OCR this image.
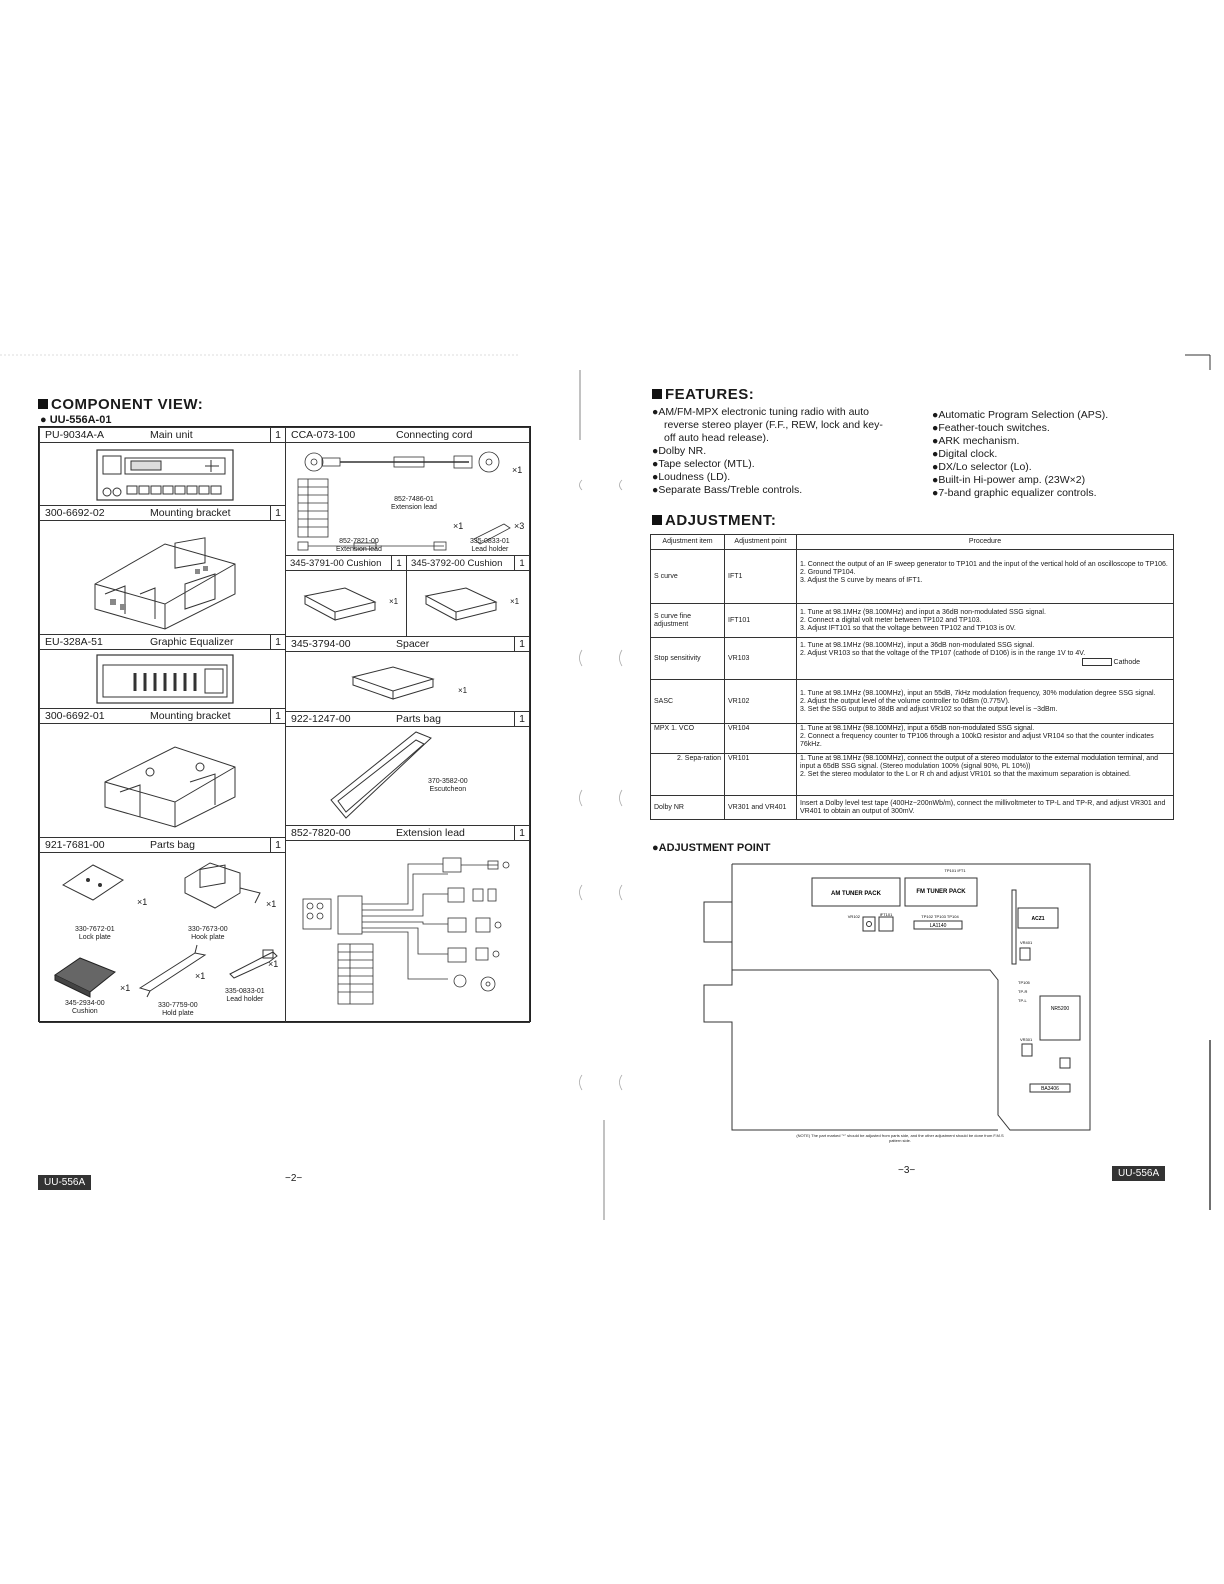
COMPONENT VIEW:
● UU-556A-01
PU-9034A-A	Main unit	1
300-6692-02	Mounting bracket	1
EU-328A-51	Graphic Equalizer	1
300-6692-01	Mounting bracket	1
921-7681-00	Parts bag	1
×1
330-7672-01
Lock plate
×1
330-7673-00
Hook plate
×1
345-2934-00
Cushion
×1
330-7759-00
Hold plate
×1
335-0833-01
Lead holder
CCA-073-100	Connecting cord
×1
852-7486-01
Extension lead
×1	×3
852-7821-00
Extension lead
335-0833-01
Lead holder
345-3791-00 Cushion	1
×1
345-3792-00 Cushion	1
×1
345-3794-00	Spacer	1
×1
922-1247-00	Parts bag	1
370-3582-00
Escutcheon
852-7820-00	Extension lead	1
UU-556A	−2−
FEATURES:
●AM/FM-MPX electronic tuning radio with auto
reverse stereo player (F.F., REW, lock and key-
off auto head release).
●Dolby NR.
●Tape selector (MTL).
●Loudness (LD).
●Separate Bass/Treble controls.
●Automatic Program Selection (APS).
●Feather-touch switches.
●ARK mechanism.
●Digital clock.
●DX/Lo selector (Lo).
●Built-in Hi-power amp. (23W×2)
●7-band graphic equalizer controls.
ADJUSTMENT:
Adjustment item	Adjustment point	Procedure
S curve	IFT1	1. Connect the output of an IF sweep generator to TP101 and the input of the vertical hold of an oscilloscope to TP106.
2. Ground TP104.
3. Adjust the S curve by means of IFT1.

S curve fine adjustment	IFT101	1. Tune at 98.1MHz (98.100MHz) and input a 36dB non-modulated SSG signal.
2. Connect a digital volt meter between TP102 and TP103.
3. Adjust IFT101 so that the voltage between TP102 and TP103 is 0V.
Stop sensitivity	VR103	1. Tune at 98.1MHz (98.100MHz), input a 36dB non-modulated SSG signal.
2. Adjust VR103 so that the voltage of the TP107 (cathode of D106) is in the range 1V to 4V.

Cathode

SASC	VR102	1. Tune at 98.1MHz (98.100MHz), input an 55dB, 7kHz modulation frequency, 30% modulation degree SSG signal.
2. Adjust the output level of the volume controller to 0dBm (0.775V).
3. Set the SSG output to 38dB and adjust VR102 so that the output level is −3dBm.
MPX 1. VCO	VR104	1. Tune at 98.1MHz (98.100MHz), input a 65dB non-modulated SSG signal.
2. Connect a frequency counter to TP106 through a 100kΩ resistor and adjust VR104 so that the counter indicates 76kHz.
2. Sepa-ration	VR101	1. Tune at 98.1MHz (98.100MHz), connect the output of a stereo modulator to the external modulation terminal, and input a 65dB SSG signal. (Stereo modulation 100% (signal 90%, PL 10%))
2. Set the stereo modulator to the L or R ch and adjust VR101 so that the maximum separation is obtained.
Dolby NR	VR301 and VR401	Insert a Dolby level test tape (400Hz−200nWb/m), connect the millivoltmeter to TP-L and TP-R, and adjust VR301 and VR401 to obtain an output of 300mV.
●ADJUSTMENT POINT
AM TUNER PACK	FM TUNER PACK
TP101 IFT1
VR102	IFT101	TP102 TP103 TP104
LA1140
ACZ1
VR401
TP105
TP-R
TP-L
NR5200
VR301
BA3406
(NOTE) The part marked "*" should be adjusted from parts side, and the other adjustment should be done from F.M.S pattern side.
−3−	UU-556A
